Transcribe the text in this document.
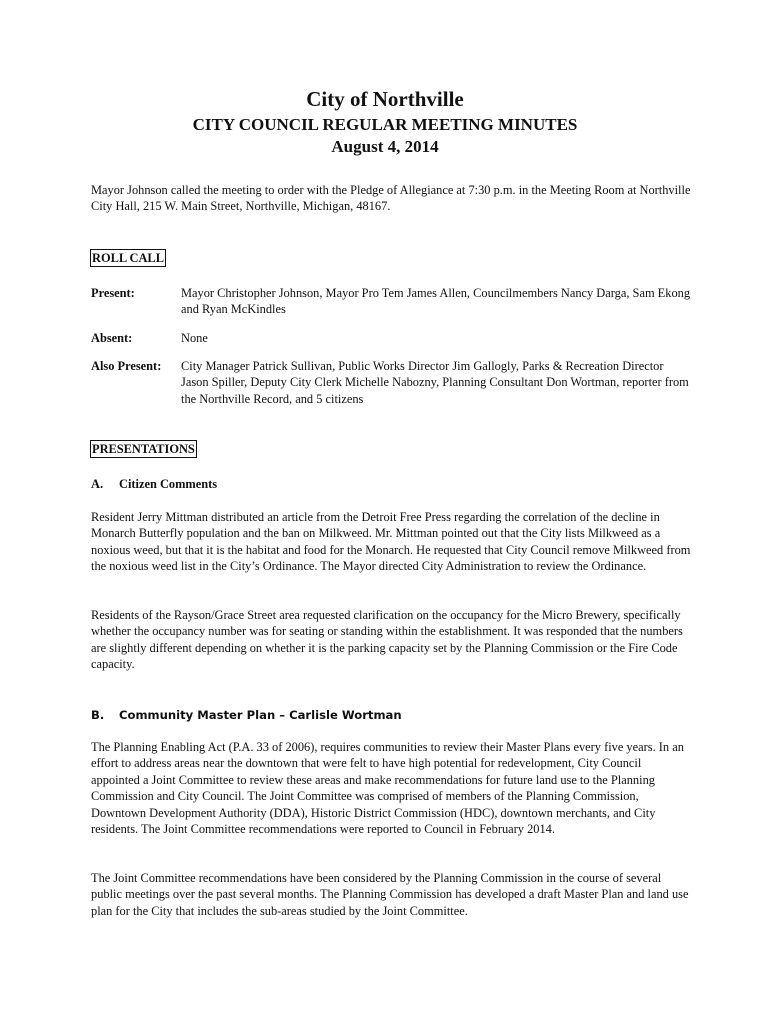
City of Northville
CITY COUNCIL REGULAR MEETING MINUTES
August 4, 2014

Mayor Johnson called the meeting to order with the Pledge of Allegiance at 7:30 p.m. in the Meeting Room at Northville City Hall, 215 W. Main Street, Northville, Michigan, 48167.

ROLL CALL
Present:	Mayor Christopher Johnson, Mayor Pro Tem James Allen, Councilmembers Nancy Darga, Sam Ekong and Ryan McKindles
Absent:	None
Also Present:	City Manager Patrick Sullivan, Public Works Director Jim Gallogly, Parks & Recreation Director Jason Spiller, Deputy City Clerk Michelle Nabozny, Planning Consultant Don Wortman, reporter from the Northville Record, and 5 citizens
PRESENTATIONS
A.	Citizen Comments

Resident Jerry Mittman distributed an article from the Detroit Free Press regarding the correlation of the decline in Monarch Butterfly population and the ban on Milkweed. Mr. Mittman pointed out that the City lists Milkweed as a noxious weed, but that it is the habitat and food for the Monarch. He requested that City Council remove Milkweed from the noxious weed list in the City’s Ordinance. The Mayor directed City Administration to review the Ordinance.

Residents of the Rayson/Grace Street area requested clarification on the occupancy for the Micro Brewery, specifically whether the occupancy number was for seating or standing within the establishment. It was responded that the numbers are slightly different depending on whether it is the parking capacity set by the Planning Commission or the Fire Code capacity.

B.	Community Master Plan – Carlisle Wortman

The Planning Enabling Act (P.A. 33 of 2006), requires communities to review their Master Plans every five years. In an effort to address areas near the downtown that were felt to have high potential for redevelopment, City Council appointed a Joint Committee to review these areas and make recommendations for future land use to the Planning Commission and City Council. The Joint Committee was comprised of members of the Planning Commission, Downtown Development Authority (DDA), Historic District Commission (HDC), downtown merchants, and City residents. The Joint Committee recommendations were reported to Council in February 2014.

The Joint Committee recommendations have been considered by the Planning Commission in the course of several public meetings over the past several months. The Planning Commission has developed a draft Master Plan and land use plan for the City that includes the sub-areas studied by the Joint Committee.
